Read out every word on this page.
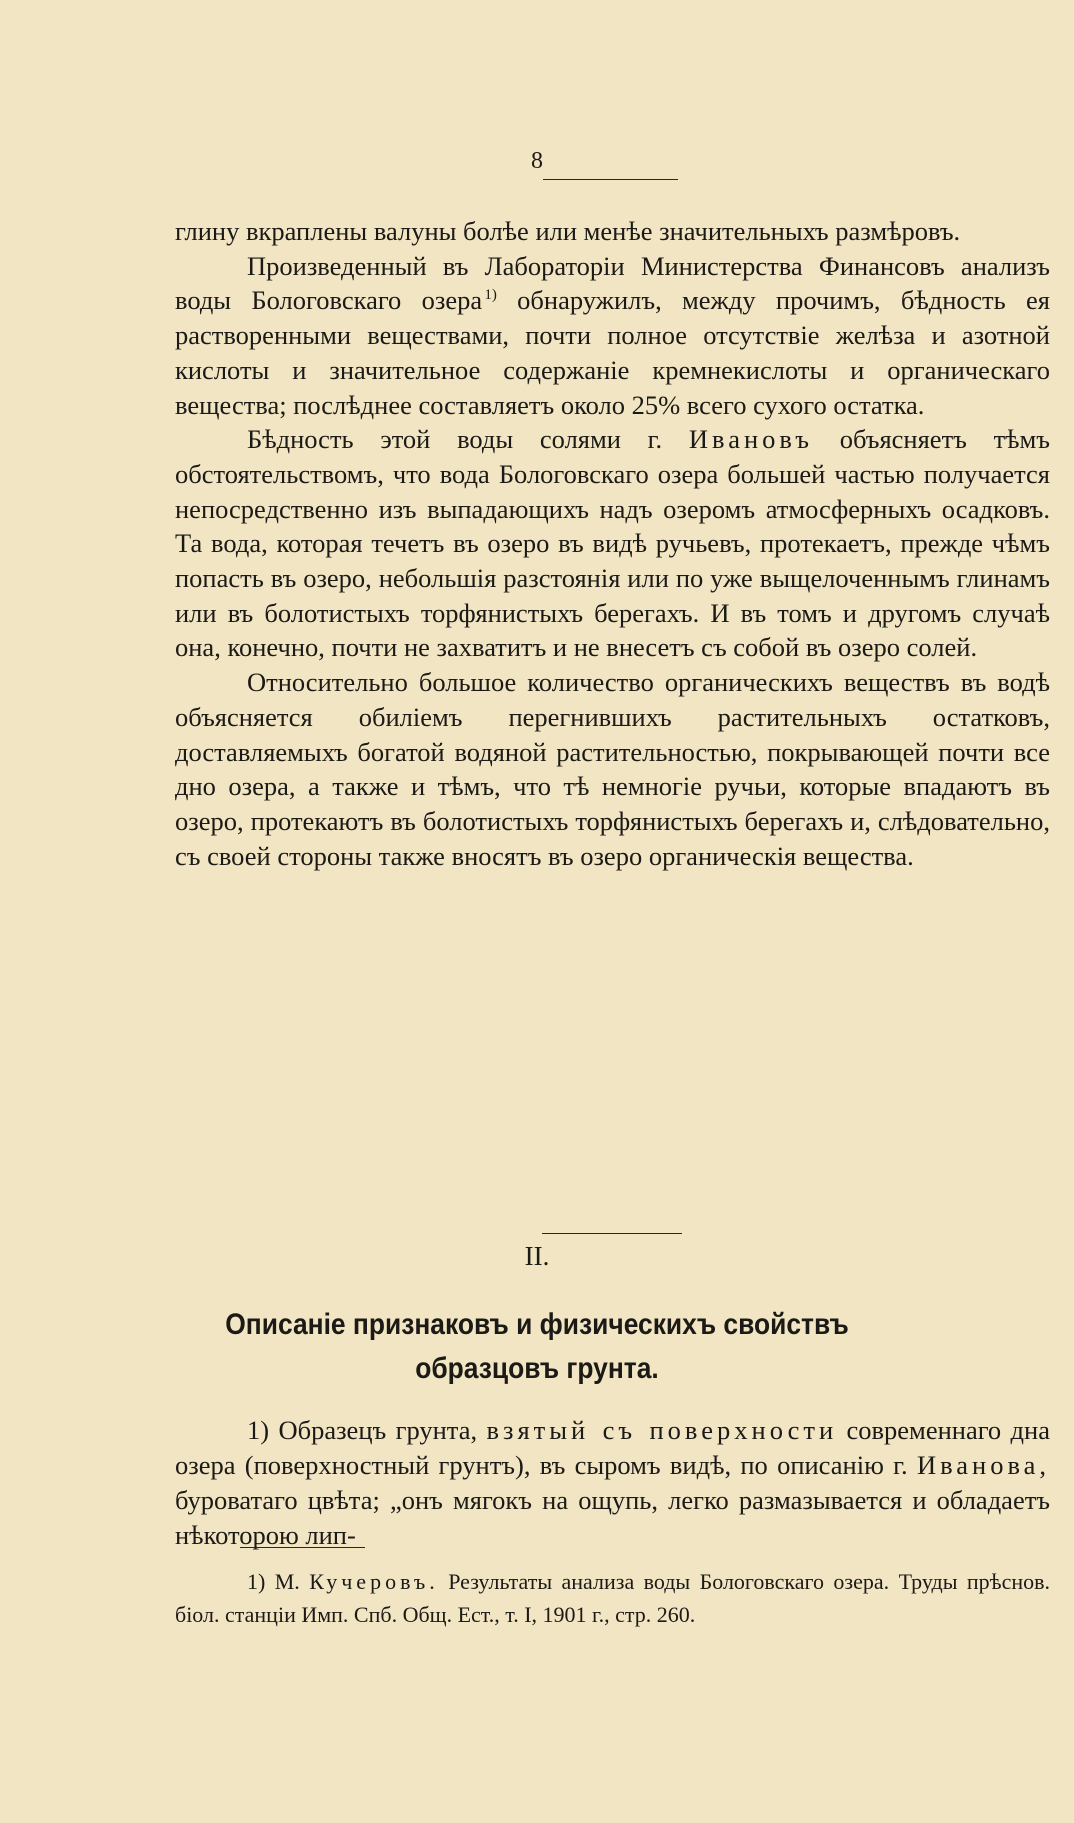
8

глину вкраплены валуны болѣе или менѣе значительныхъ размѣровъ.

Произведенный въ Лабораторіи Министерства Финансовъ анализъ воды Бологовскаго озера  $^{1)}$ обнаружилъ, между прочимъ, бѣдность ея растворенными веществами, почти полное отсутствіе желѣза и азотной кислоты и значительное содержаніе кремнекислоты и органическаго вещества; послѣднее составляетъ около 25% всего сухого остатка.

Бѣдность этой воды солями г. Ивановъ объясняетъ тѣмъ обстоятельствомъ, что вода Бологовскаго озера большей частью получается непосредственно изъ выпадающихъ надъ озеромъ атмосферныхъ осадковъ. Та вода, которая течетъ въ озеро въ видѣ ручьевъ, протекаетъ, прежде чѣмъ попасть въ озеро, небольшія разстоянія или по уже выщелоченнымъ глинамъ или въ болотистыхъ торфянистыхъ берегахъ. И въ томъ и другомъ случаѣ она, конечно, почти не захватитъ и не внесетъ съ собой въ озеро солей.

Относительно большое количество органическихъ веществъ въ водѣ объясняется обиліемъ перегнившихъ растительныхъ остатковъ, доставляемыхъ богатой водяной растительностью, покрывающей почти все дно озера, а также и тѣмъ, что тѣ немногіе ручьи, которые впадаютъ въ озеро, протекаютъ въ болотистыхъ торфянистыхъ берегахъ и, слѣдовательно, съ своей стороны также вносятъ въ озеро органическія вещества.

II.
Описаніе признаковъ и физическихъ свойствъ
образцовъ грунта.

1) Образецъ грунта, взятый съ поверхности современнаго дна озера (поверхностный грунтъ), въ сыромъ видѣ, по описанію г. Иванова, буроватаго цвѣта; „онъ мягокъ на ощупь, легко размазывается и обладаетъ нѣкоторою лип-

1) М. Кучеровъ. Результаты анализа воды Бологовскаго озера. Труды прѣснов. біол. станціи Имп. Спб. Общ. Ест., т. I, 1901 г., стр. 260.
